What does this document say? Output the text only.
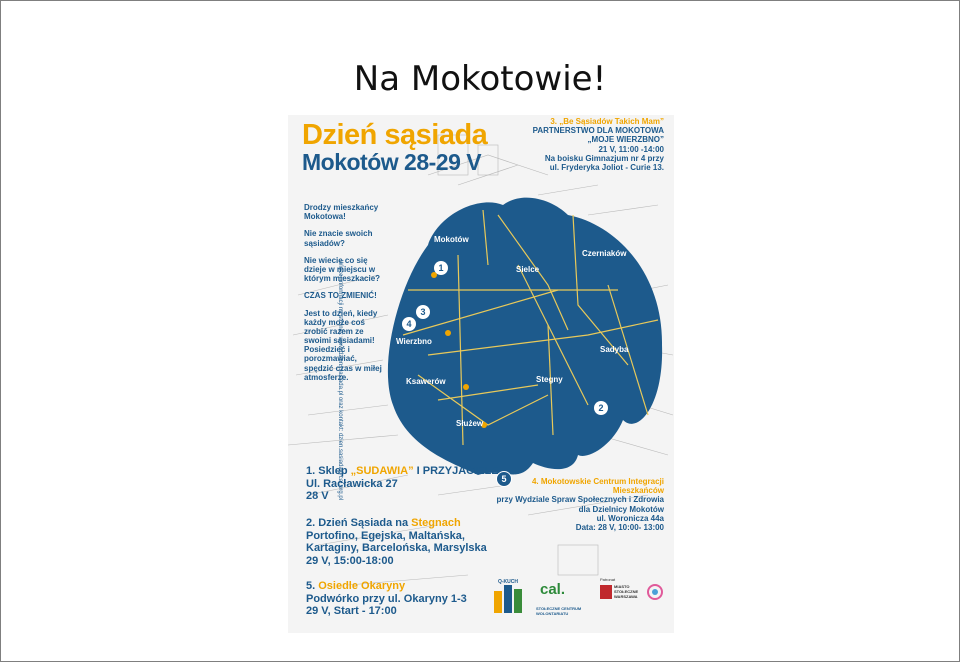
Na Mokotowie!
Dzień sąsiada
Mokotów 28-29 V
3. „Be Sąsiadów Takich Mam”
PARTNERSTWO DLA MOKOTOWA
„MOJE WIERZBNO”
21 V, 11:00 -14:00
Na boisku Gimnazjum nr 4 przy
ul. Fryderyka Joliot - Curie 13.

Drodzy mieszkańcy Mokotowa!

Nie znacie swoich sąsiadów?

Nie wiecie co się dzieje w miejscu w którym mieszkacie?

CZAS TO ZMIENIĆ!

Jest to dzień, kiedy każdy może coś zrobić razem ze swoimi sąsiadami! Posiedzieć i porozmawiać, spędzić czas w miłej atmosferze.

Więcej informacji na stronie: www.dzienssasiada.pl oraz kontakt: dzien.sasiada@cal.org.pl
Mokotów
Sielce
Czerniaków
Wierzbno
Sadyba
Ksawerów	Stegny
Służew
1
2
3
4
5
1. Sklep „SUDAWIA” I PRZYJACIELE
Ul. Racławicka 27
28 V
2. Dzień Sąsiada na Stegnach
Portofino, Egejska, Maltańska,
Kartaginy, Barcelońska, Marsylska
29 V, 15:00-18:00
5. Osiedle Okaryny
Podwórko przy ul. Okaryny 1-3
29 V, Start - 17:00
4. Mokotowskie Centrum Integracji
Mieszkańców
przy Wydziale Spraw Społecznych i Zdrowia
dla Dzielnicy Mokotów
ul. Woronicza 44a
Data: 28 V, 10:00- 13:00
Q-KUCH	cal.
STOŁECZNE CENTRUM WOLONTARIATU
Patronat
MIASTO STOŁECZNE WARSZAWA
